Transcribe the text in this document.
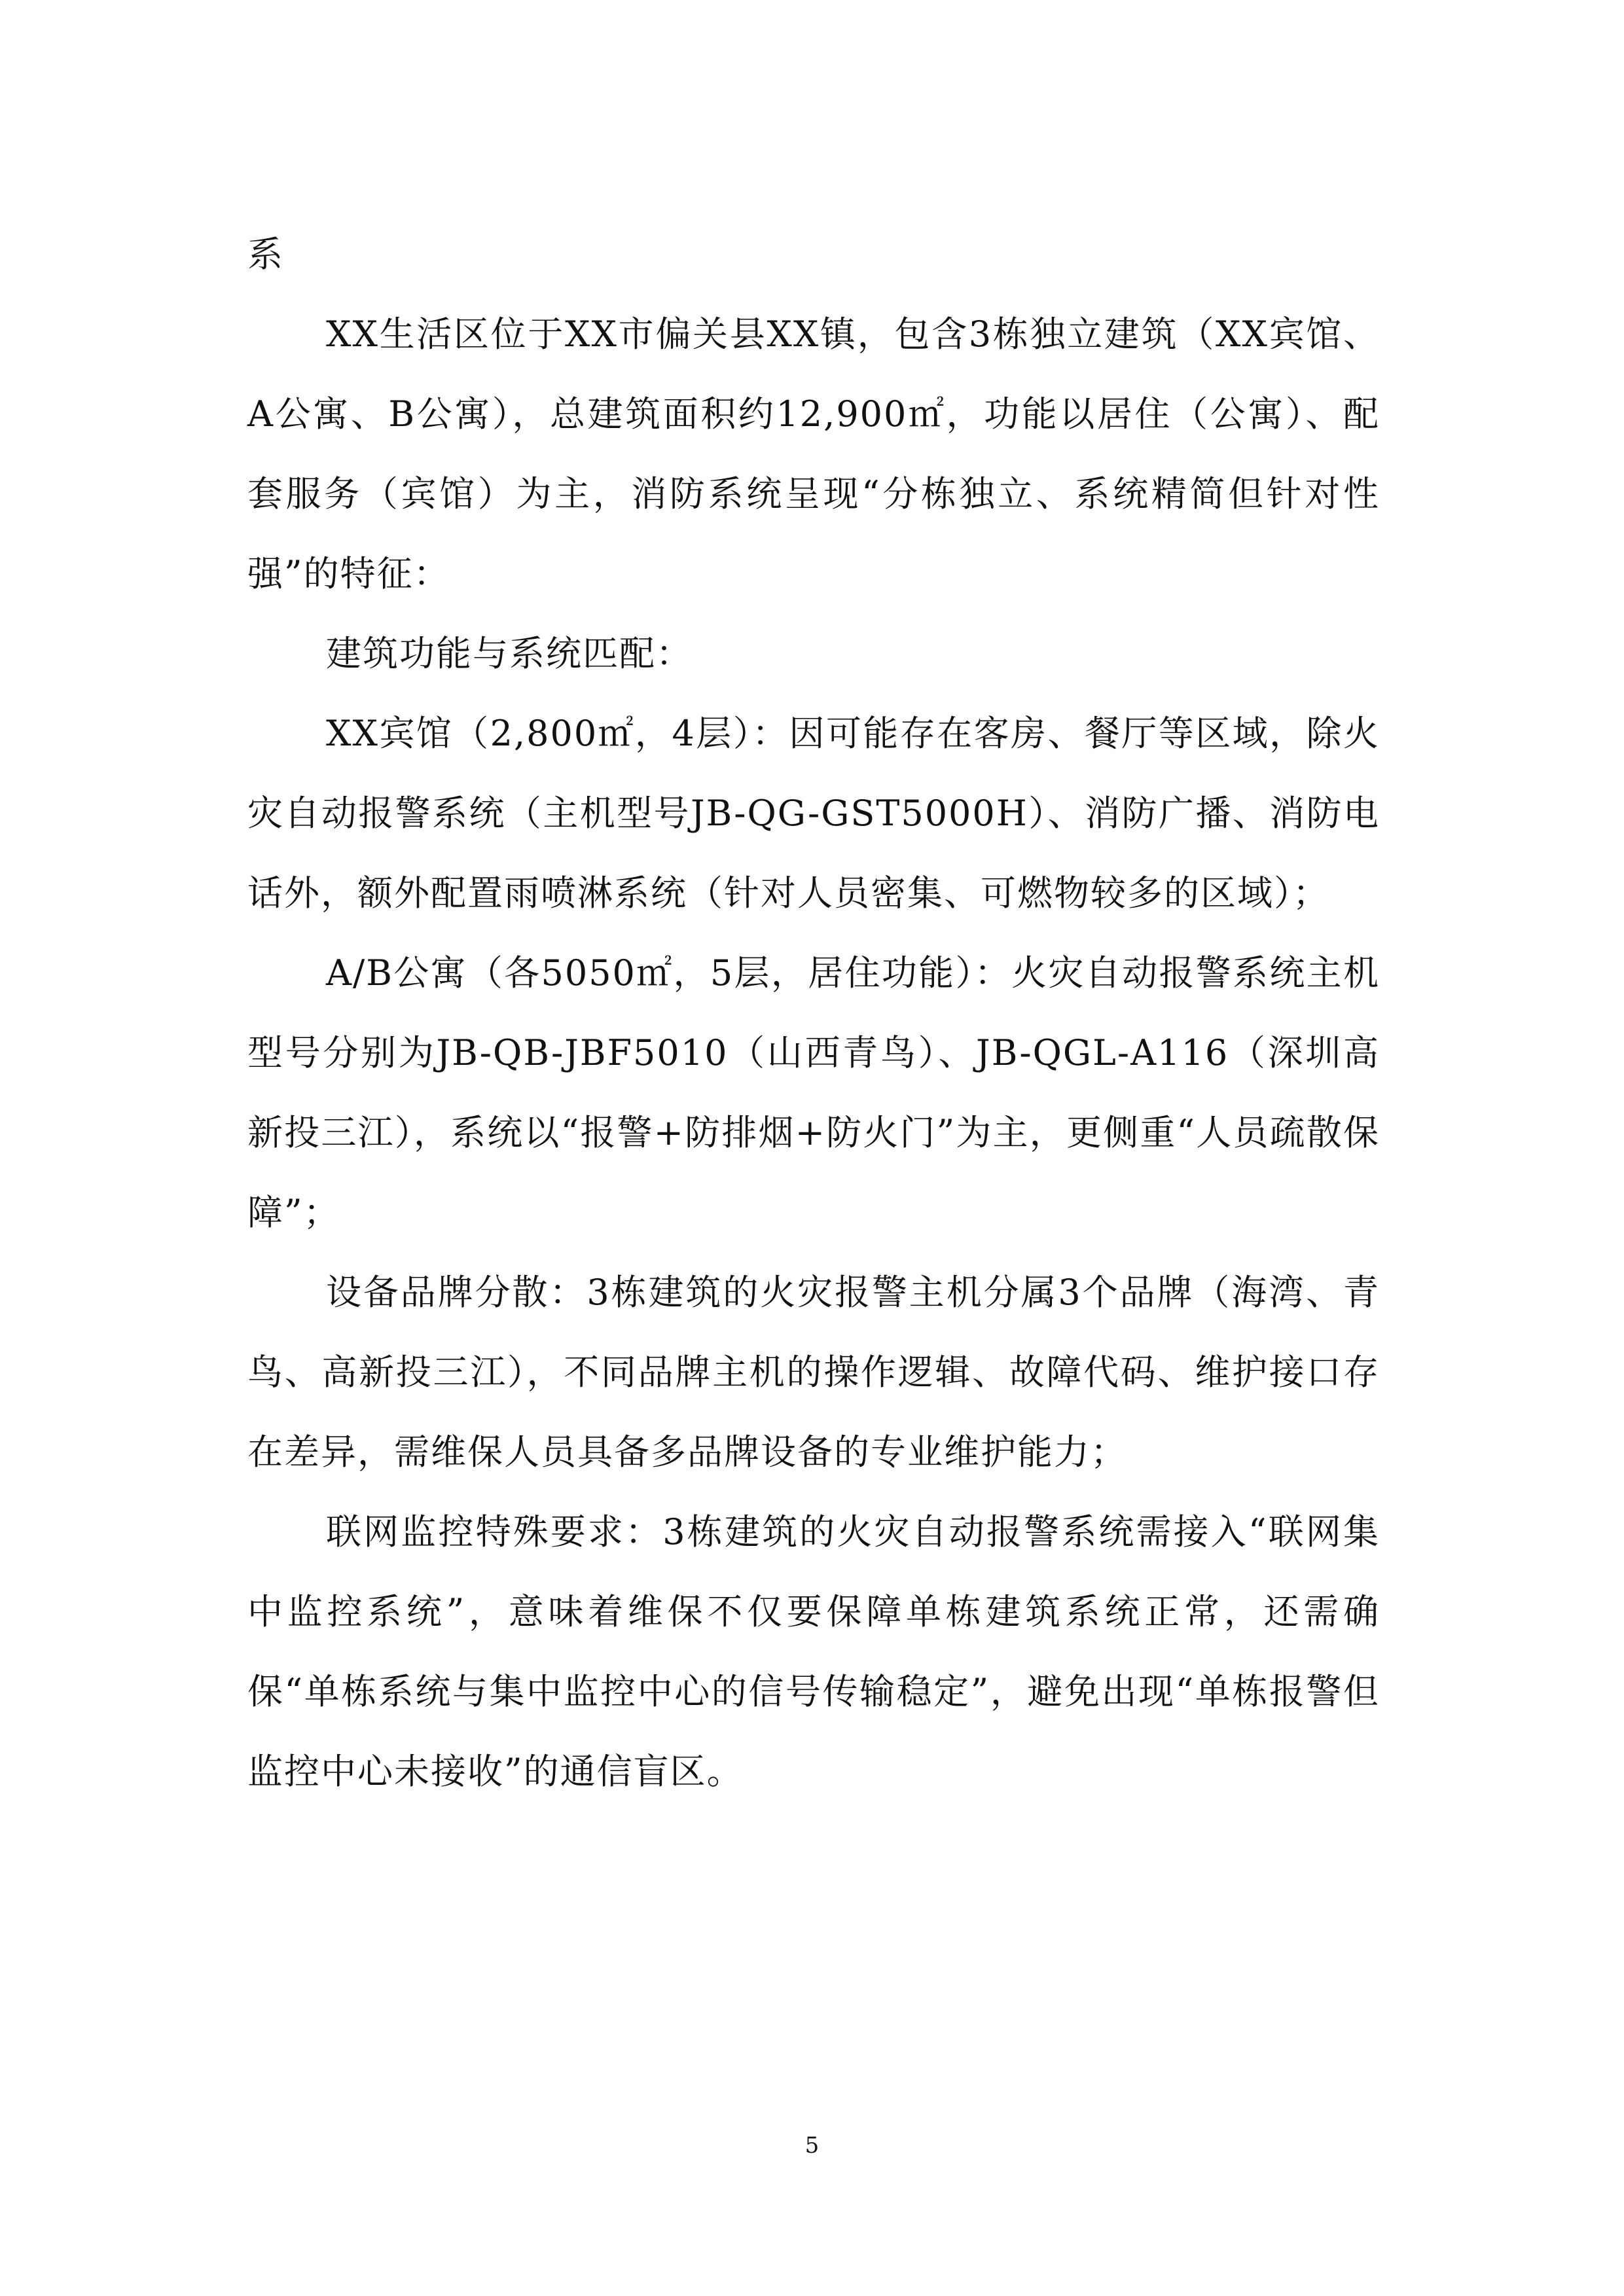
系

XX生活区位于XX市偏关县XX镇，包含3栋独立建筑（XX宾馆、A公寓、B公寓），总建筑面积约12,900㎡，功能以居住（公寓）、配套服务（宾馆）为主，消防系统呈现“分栋独立、系统精简但针对性强”的特征：

建筑功能与系统匹配：

XX宾馆（2,800㎡，4层）：因可能存在客房、餐厅等区域，除火灾自动报警系统（主机型号JB-QG-GST5000H）、消防广播、消防电话外，额外配置雨喷淋系统（针对人员密集、可燃物较多的区域）；

A/B公寓（各5050㎡，5层，居住功能）：火灾自动报警系统主机型号分别为JB-QB-JBF5010（山西青鸟）、JB-QGL-A116（深圳高新投三江），系统以“报警+防排烟+防火门”为主，更侧重“人员疏散保障”；

设备品牌分散：3栋建筑的火灾报警主机分属3个品牌（海湾、青鸟、高新投三江），不同品牌主机的操作逻辑、故障代码、维护接口存在差异，需维保人员具备多品牌设备的专业维护能力；

联网监控特殊要求：3栋建筑的火灾自动报警系统需接入“联网集中监控系统”，意味着维保不仅要保障单栋建筑系统正常，还需确保“单栋系统与集中监控中心的信号传输稳定”，避免出现“单栋报警但监控中心未接收”的通信盲区。

5
